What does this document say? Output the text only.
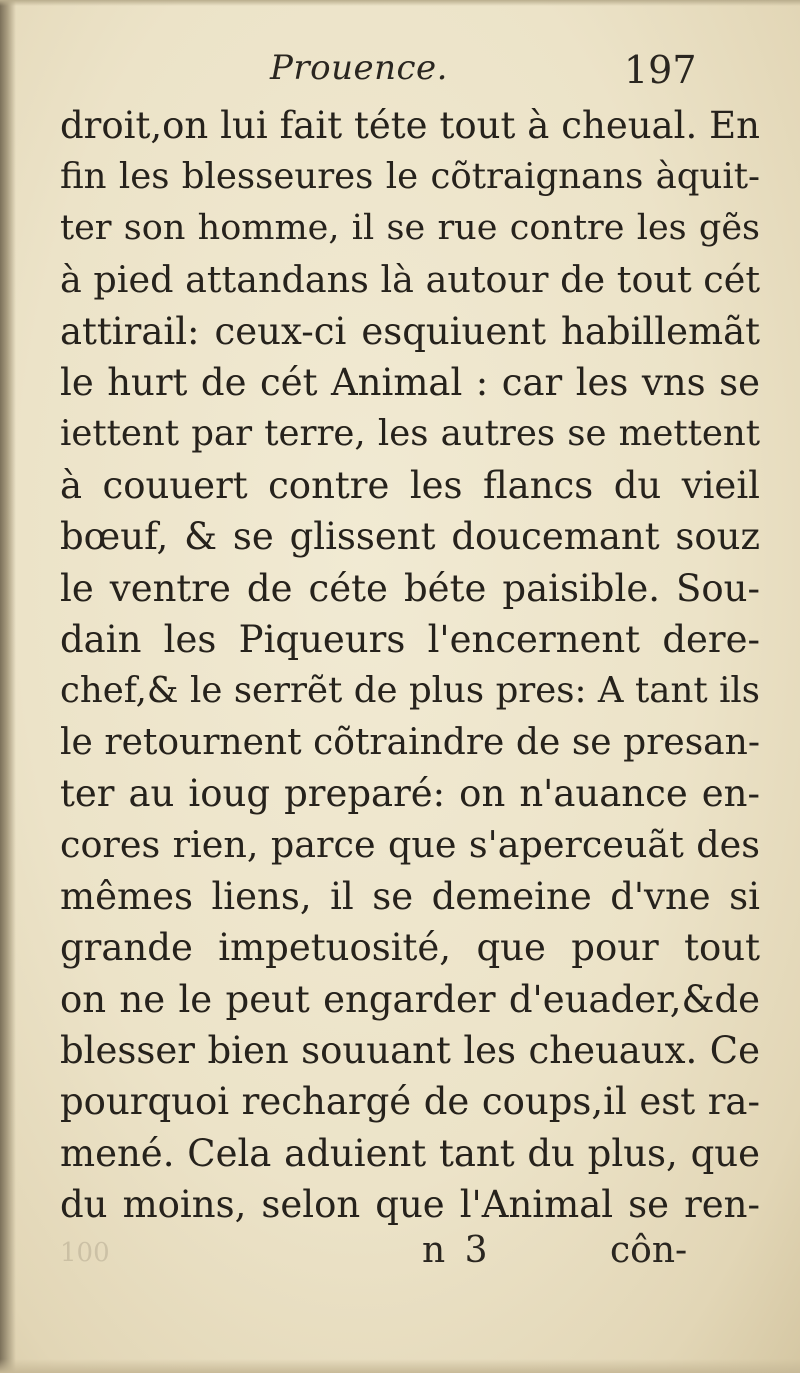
Prouence.	197
droit,on lui fait téte tout à cheual. En
fin les blesseures le cõtraignans àquit-
ter son homme, il se rue contre les gẽs
à pied attandans là autour de tout cét
attirail: ceux-ci esquiuent habillemãt
le hurt de cét Animal : car les vns se
iettent par terre, les autres se mettent
à couuert contre les flancs du vieil
bœuf, & se glissent doucemant souz
le ventre de céte béte paisible. Sou-
dain les Piqueurs l'encernent dere-
chef,& le serrẽt de plus pres: A tant ils
le retournent cõtraindre de se presan-
ter au ioug preparé: on n'auance en-
cores rien, parce que s'aperceuãt des
mêmes liens, il se demeine d'vne si
grande impetuosité, que pour tout
on ne le peut engarder d'euader,&de
blesser bien souuant les cheuaux. Ce
pourquoi rechargé de coups,il est ra-
mené. Cela aduient tant du plus, que
du moins, selon que l'Animal se ren-
100	n 3	côn-
